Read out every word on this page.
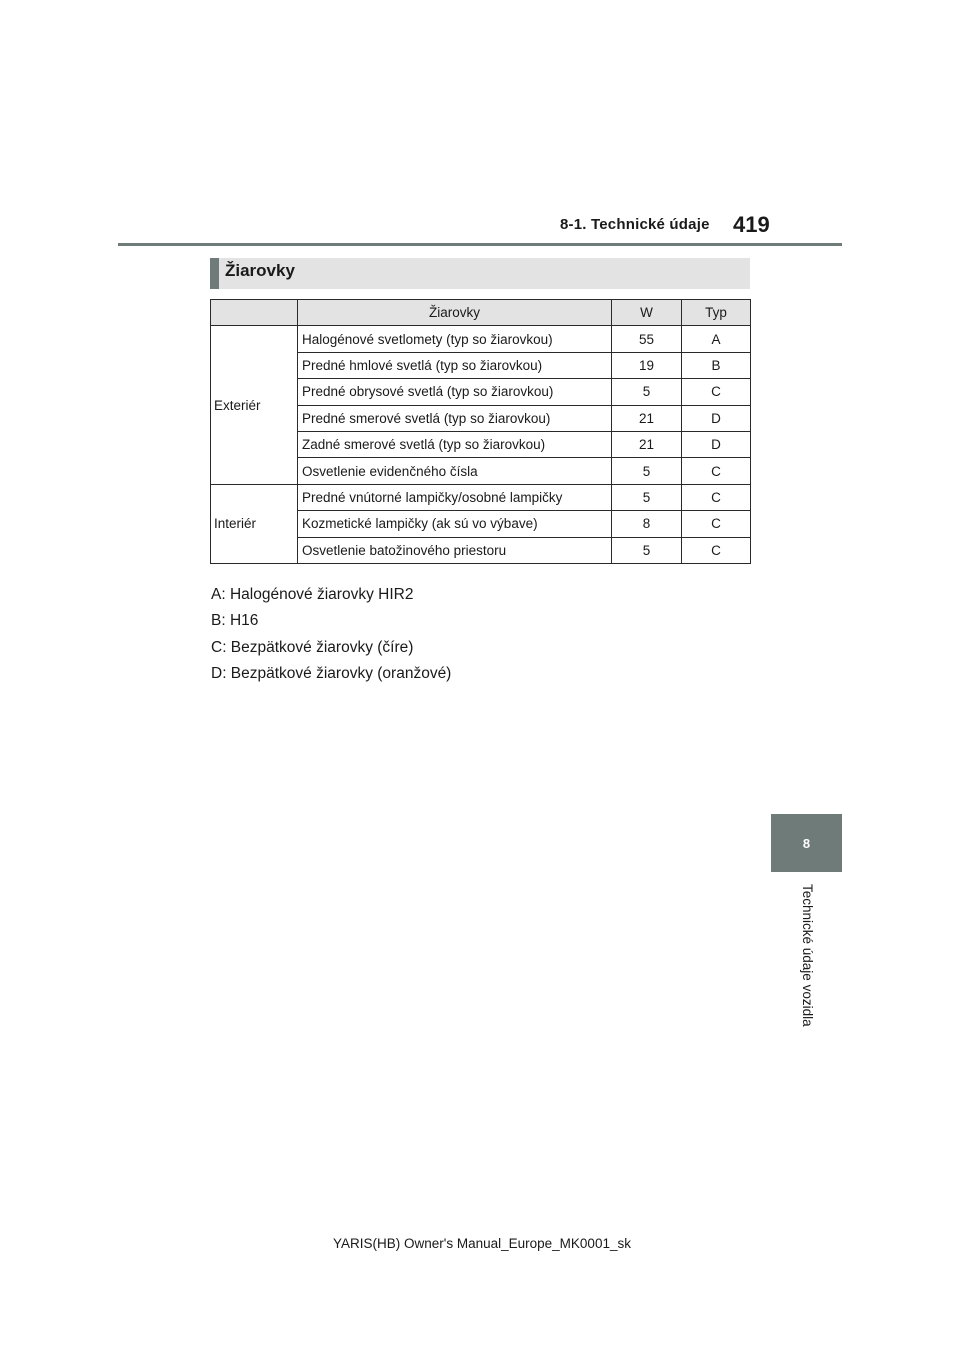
8-1. Technické údaje 419
Žiarovky
	Žiarovky	W	Typ
Exteriér	Halogénové svetlomety (typ so žiarovkou)	55	A
	Predné hmlové svetlá (typ so žiarovkou)	19	B
	Predné obrysové svetlá (typ so žiarovkou)	5	C
	Predné smerové svetlá (typ so žiarovkou)	21	D
	Zadné smerové svetlá (typ so žiarovkou)	21	D
	Osvetlenie evidenčného čísla	5	C
Interiér	Predné vnútorné lampičky/osobné lampičky	5	C
	Kozmetické lampičky (ak sú vo výbave)	8	C
	Osvetlenie batožinového priestoru	5	C
A: Halogénové žiarovky HIR2
B: H16
C: Bezpätkové žiarovky (číre)
D: Bezpätkové žiarovky (oranžové)
8
Technické údaje vozidla
YARIS(HB) Owner's Manual_Europe_MK0001_sk
